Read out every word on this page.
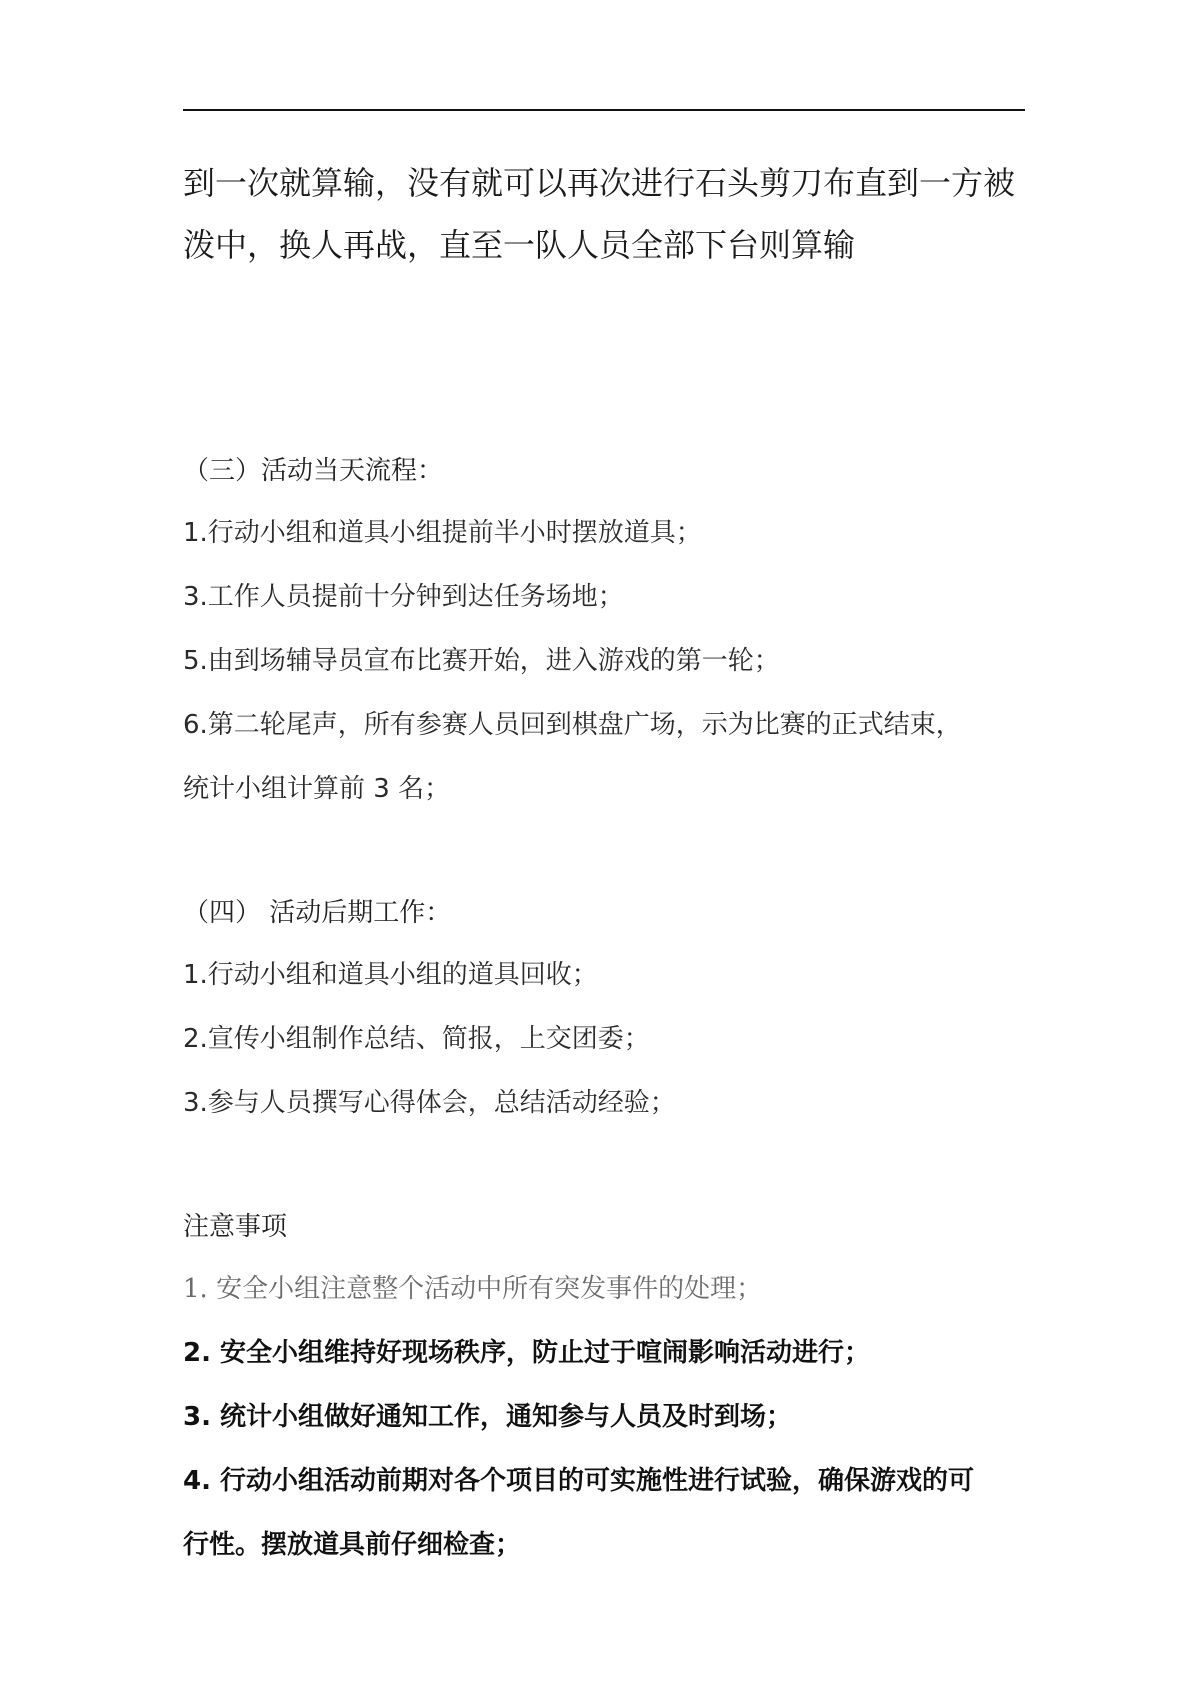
到一次就算输，没有就可以再次进行石头剪刀布直到一方被
泼中，换人再战，直至一队人员全部下台则算输
（三）活动当天流程：
1.行动小组和道具小组提前半小时摆放道具；
3.工作人员提前十分钟到达任务场地；
5.由到场辅导员宣布比赛开始，进入游戏的第一轮；
6.第二轮尾声，所有参赛人员回到棋盘广场，示为比赛的正式结束，
统计小组计算前 3 名；
（四） 活动后期工作：
1.行动小组和道具小组的道具回收；
2.宣传小组制作总结、简报，上交团委；
3.参与人员撰写心得体会，总结活动经验；
注意事项
1. 安全小组注意整个活动中所有突发事件的处理；
2. 安全小组维持好现场秩序，防止过于喧闹影响活动进行；
3. 统计小组做好通知工作，通知参与人员及时到场；
4. 行动小组活动前期对各个项目的可实施性进行试验，确保游戏的可
行性。摆放道具前仔细检查；
